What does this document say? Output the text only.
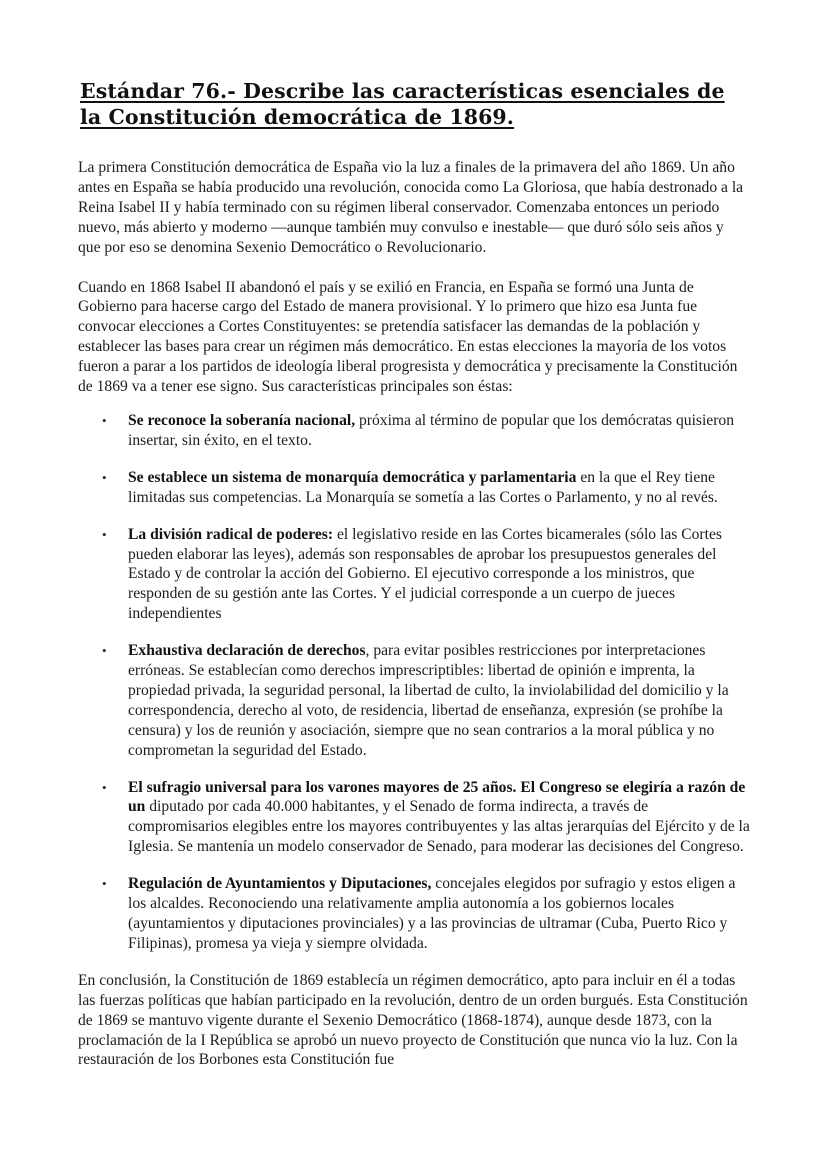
Estándar 76.- Describe las características esenciales de la Constitución democrática de 1869.

La primera Constitución democrática de España vio la luz a finales de la primavera del año 1869. Un año antes en España se había producido una revolución, conocida como La Gloriosa, que había destronado a la Reina Isabel II y había terminado con su régimen liberal conservador. Comenzaba entonces un periodo nuevo, más abierto y moderno —aunque también muy convulso e inestable— que duró sólo seis años y que por eso se denomina Sexenio Democrático o Revolucionario.

Cuando en 1868 Isabel II abandonó el país y se exilió en Francia, en España se formó una Junta de Gobierno para hacerse cargo del Estado de manera provisional. Y lo primero que hizo esa Junta fue convocar elecciones a Cortes Constituyentes: se pretendía satisfacer las demandas de la población y establecer las bases para crear un régimen más democrático. En estas elecciones la mayoría de los votos fueron a parar a los partidos de ideología liberal progresista y democrática y precisamente la Constitución de 1869 va a tener ese signo. Sus características principales son éstas:

• Se reconoce la soberanía nacional, próxima al término de popular que los demócratas quisieron insertar, sin éxito, en el texto.
• Se establece un sistema de monarquía democrática y parlamentaria en la que el Rey tiene limitadas sus competencias. La Monarquía se sometía a las Cortes o Parlamento, y no al revés.
• La división radical de poderes: el legislativo reside en las Cortes bicamerales (sólo las Cortes pueden elaborar las leyes), además son responsables de aprobar los presupuestos generales del Estado y de controlar la acción del Gobierno. El ejecutivo corresponde a los ministros, que responden de su gestión ante las Cortes. Y el judicial corresponde a un cuerpo de jueces independientes
• Exhaustiva declaración de derechos, para evitar posibles restricciones por interpretaciones erróneas. Se establecían como derechos imprescriptibles: libertad de opinión e imprenta, la propiedad privada, la seguridad personal, la libertad de culto, la inviolabilidad del domicilio y la correspondencia, derecho al voto, de residencia, libertad de enseñanza, expresión (se prohíbe la censura) y los de reunión y asociación, siempre que no sean contrarios a la moral pública y no comprometan la seguridad del Estado.
• El sufragio universal para los varones mayores de 25 años. El Congreso se elegiría a razón de un diputado por cada 40.000 habitantes, y el Senado de forma indirecta, a través de compromisarios elegibles entre los mayores contribuyentes y las altas jerarquías del Ejército y de la Iglesia. Se mantenía un modelo conservador de Senado, para moderar las decisiones del Congreso.
• Regulación de Ayuntamientos y Diputaciones, concejales elegidos por sufragio y estos eligen a los alcaldes. Reconociendo una relativamente amplia autonomía a los gobiernos locales (ayuntamientos y diputaciones provinciales) y a las provincias de ultramar (Cuba, Puerto Rico y Filipinas), promesa ya vieja y siempre olvidada.

En conclusión, la Constitución de 1869 establecía un régimen democrático, apto para incluir en él a todas las fuerzas políticas que habían participado en la revolución, dentro de un orden burgués. Esta Constitución de 1869 se mantuvo vigente durante el Sexenio Democrático (1868-1874), aunque desde 1873, con la proclamación de la I República se aprobó un nuevo proyecto de Constitución que nunca vio la luz. Con la restauración de los Borbones esta Constitución fue
